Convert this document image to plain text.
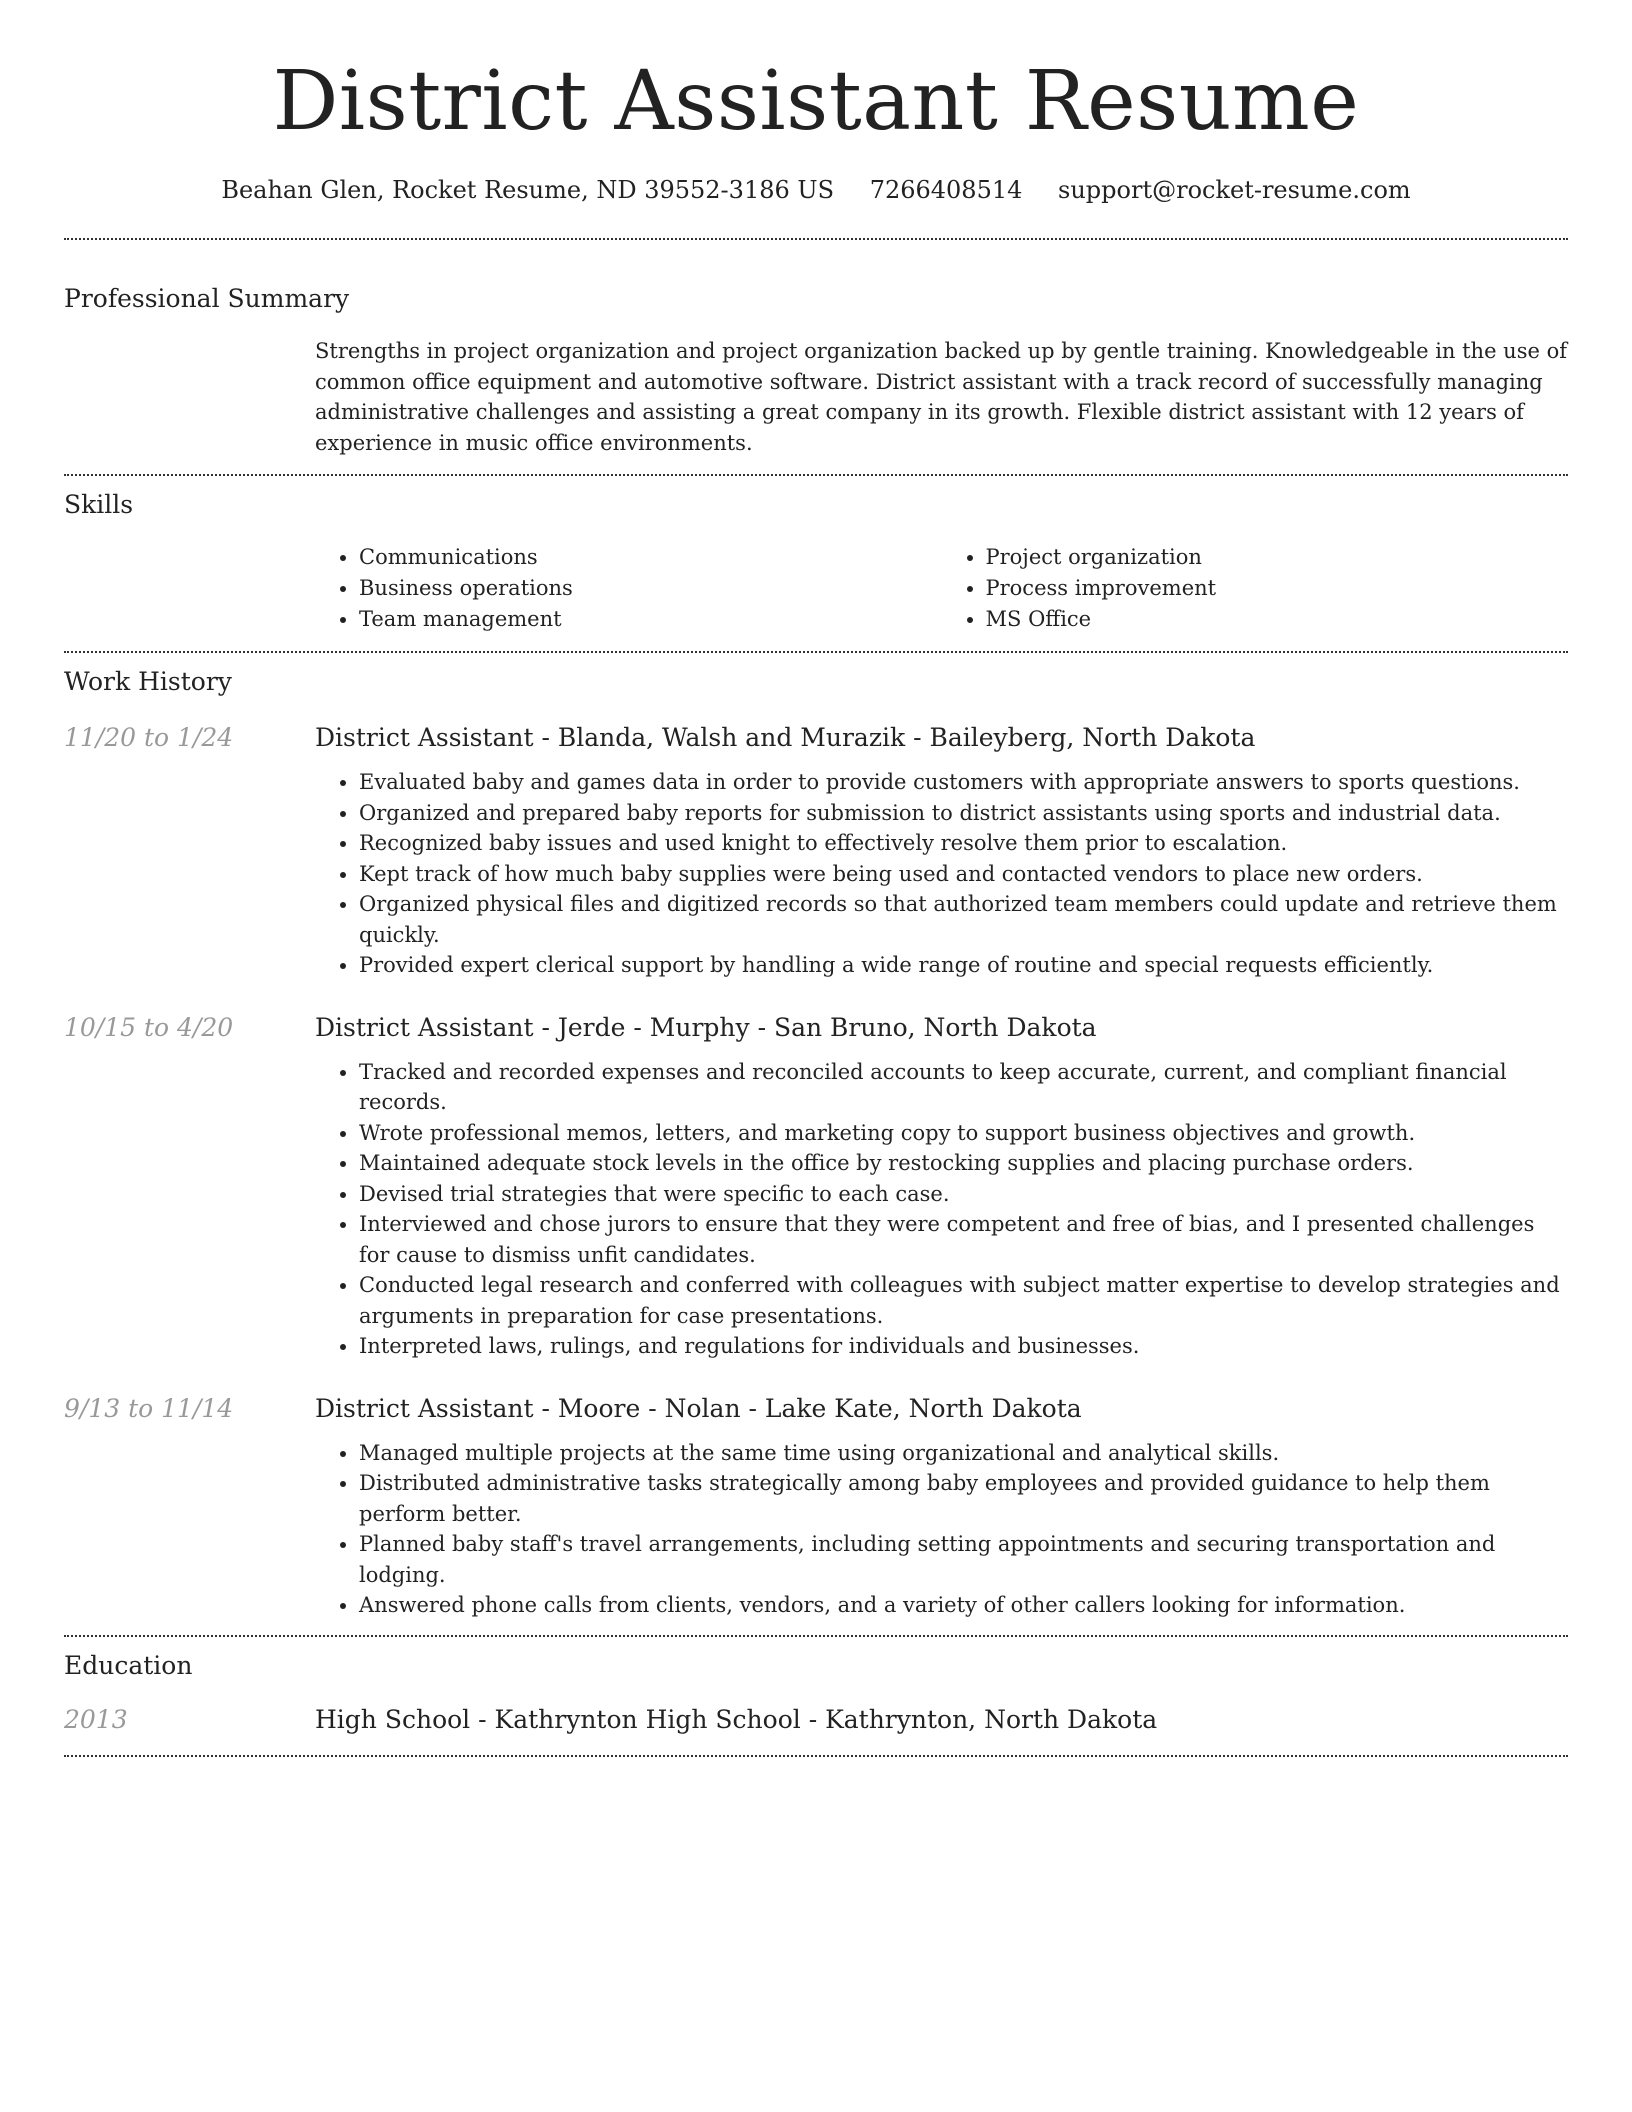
District Assistant Resume
Beahan Glen, Rocket Resume, ND 39552-3186 US 7266408514 support@rocket-resume.com
Professional Summary

Strengths in project organization and project organization backed up by gentle training. Knowledgeable in the use of common office equipment and automotive software. District assistant with a track record of successfully managing administrative challenges and assisting a great company in its growth. Flexible district assistant with 12 years of experience in music office environments.

Skills
• Communications
• Business operations
• Team management
• Project organization
• Process improvement
• MS Office
Work History
11/20 to 1/24	District Assistant - Blanda, Walsh and Murazik - Baileyberg, North Dakota
• Evaluated baby and games data in order to provide customers with appropriate answers to sports questions.
• Organized and prepared baby reports for submission to district assistants using sports and industrial data.
• Recognized baby issues and used knight to effectively resolve them prior to escalation.
• Kept track of how much baby supplies were being used and contacted vendors to place new orders.
• Organized physical files and digitized records so that authorized team members could update and retrieve them quickly.
• Provided expert clerical support by handling a wide range of routine and special requests efficiently.
10/15 to 4/20	District Assistant - Jerde - Murphy - San Bruno, North Dakota
• Tracked and recorded expenses and reconciled accounts to keep accurate, current, and compliant financial records.
• Wrote professional memos, letters, and marketing copy to support business objectives and growth.
• Maintained adequate stock levels in the office by restocking supplies and placing purchase orders.
• Devised trial strategies that were specific to each case.
• Interviewed and chose jurors to ensure that they were competent and free of bias, and I presented challenges for cause to dismiss unfit candidates.
• Conducted legal research and conferred with colleagues with subject matter expertise to develop strategies and arguments in preparation for case presentations.
• Interpreted laws, rulings, and regulations for individuals and businesses.
9/13 to 11/14	District Assistant - Moore - Nolan - Lake Kate, North Dakota
• Managed multiple projects at the same time using organizational and analytical skills.
• Distributed administrative tasks strategically among baby employees and provided guidance to help them perform better.
• Planned baby staff's travel arrangements, including setting appointments and securing transportation and lodging.
• Answered phone calls from clients, vendors, and a variety of other callers looking for information.
Education
2013	High School - Kathrynton High School - Kathrynton, North Dakota
